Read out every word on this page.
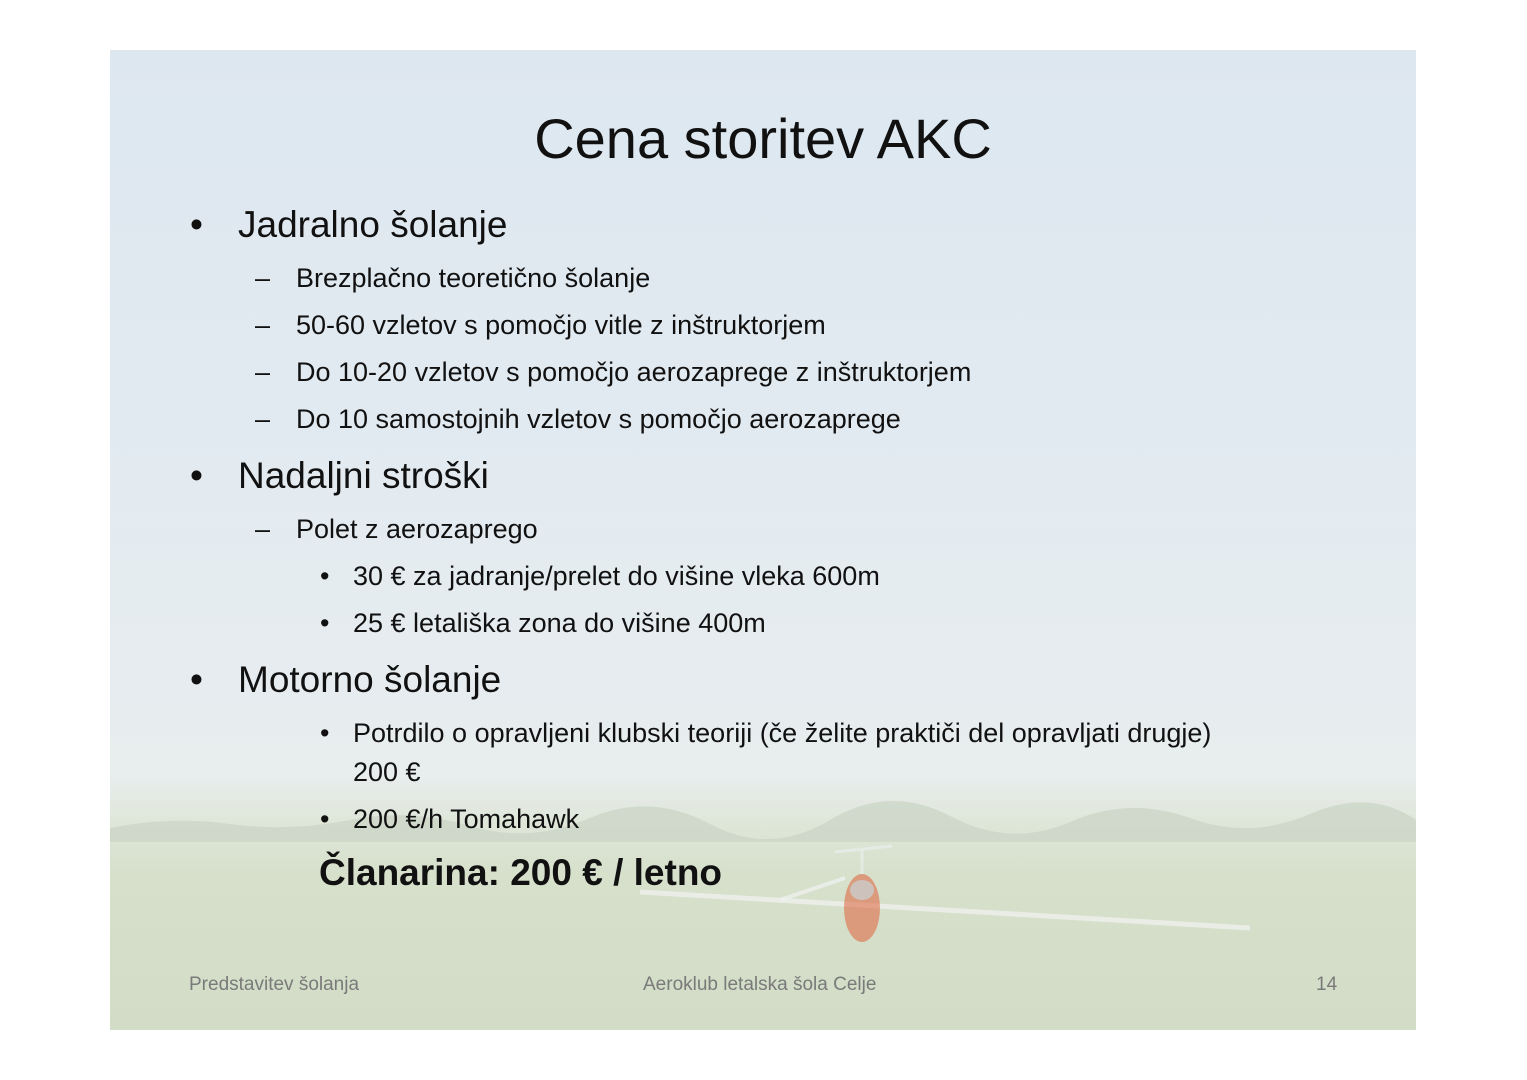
Cena storitev AKC
• Jadralno šolanje
– Brezplačno teoretično šolanje
– 50-60 vzletov s pomočjo vitle z inštruktorjem
– Do 10-20 vzletov s pomočjo aerozaprege z inštruktorjem
– Do 10 samostojnih vzletov s pomočjo aerozaprege
• Nadaljni stroški
– Polet z aerozaprego
• 30 € za jadranje/prelet do višine vleka 600m
• 25 € letališka zona do višine 400m
• Motorno šolanje
• Potrdilo o opravljeni klubski teoriji (če želite praktiči del opravljati drugje)
200 €
• 200 €/h Tomahawk
Članarina: 200 € / letno
Predstavitev šolanja	Aeroklub letalska šola Celje	14
